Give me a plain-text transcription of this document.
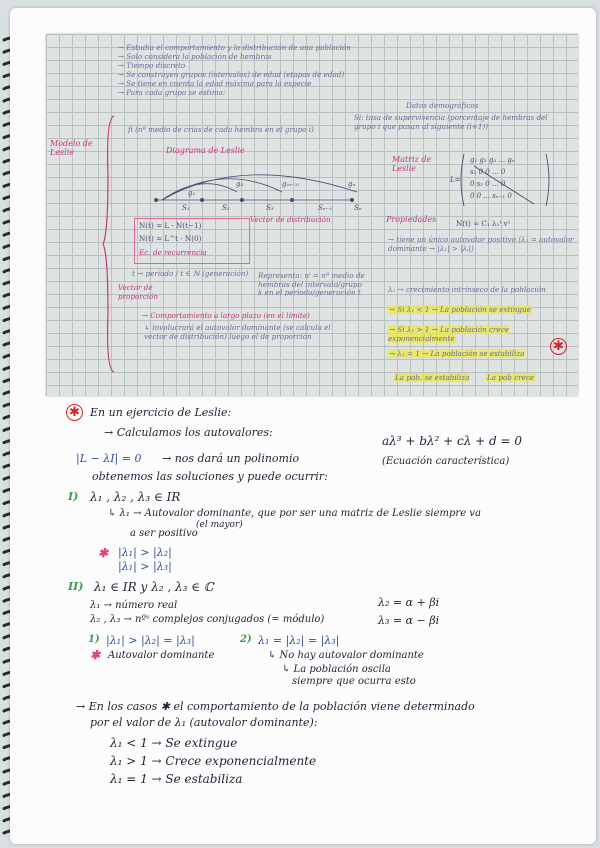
→ Estudia el comportamiento y la distribución de una población
→ Solo considera la población de hembras
→ Tiempo discreto
→ Se construyen grupos (intervalos) de edad (etapas de edad)
→ Se tiene en cuenta la edad máxima para la especie
→ Para cada grupo se estima:
Modelo de Leslie
Datos demográficos
fi (nº medio de crías de cada hembra en el grupo i)
Si: tasa de supervivencia (porcentaje de hembras del grupo i que pasan al siguiente (i+1))
Diagrama de Leslie
Matriz de Leslie
g₁
g₃	g₍ₙ₋₁₎	gₙ
S₁	S₂	S₃	Sₙ₋₁	Sₙ
L=
g₁ g₂ g₃ ... gₙ
s₁ 0 0 ... 0
0 s₂ 0 ... 0
0 0 ... sₙ₋₁ 0
N(t) = L · N(t−1)
N(t) = L^t · N(0)
Ec. de recurrencia
Vector de distribución
t → período / t ∈ ℕ (generación)
Vector de proporción
Representa: nⁱ = nº medio de hembras del intervalo/grupo k en el período/generación t
→ Comportamiento a largo plazo (en el límite)
↳ involucrará el autovalor dominante (se calcula el vector de distribución) luego el de proporción
Propiedades	N(t) ≃ C₁ λ₁ᵗ v¹
→ tiene un único autovalor positivo (λ₁ = autovalor dominante → |λ₁| > |λᵢ|)
λ₁ → crecimiento intrínseco de la población
→ Si λ₁ < 1 → La población se extingue
→ Si λ₁ > 1 → La población crece exponencialmente
→ λ₁ = 1 → La población se estabiliza
La pob. se estabiliza La pob crece
✱
✱ En un ejercicio de Leslie:
→ Calculamos los autovalores:
|L − λI| = 0 → nos dará un polinomio
aλ³ + bλ² + cλ + d = 0
(Ecuación característica)
obtenemos las soluciones y puede ocurrir:
I) λ₁ , λ₂ , λ₃ ∈ IR
↳ λ₁ → Autovalor dominante, que por ser una matriz de Leslie siempre va
(el mayor)
a ser positivo
✱ |λ₁| > |λ₂|
|λ₁| > |λ₃|
II) λ₁ ∈ IR y λ₂ , λ₃ ∈ ℂ
λ₁ → número real
λ₂ , λ₃ → nºˢ complejos conjugados (= módulo)
λ₂ = α + βi
λ₃ = α − βi
1) |λ₁| > |λ₂| = |λ₃|
✱ Autovalor dominante
2) λ₁ = |λ₂| = |λ₃|
↳ No hay autovalor dominante
↳ La población oscila
siempre que ocurra esto
→ En los casos ✱ el comportamiento de la población viene determinado
por el valor de λ₁ (autovalor dominante):
λ₁ < 1 → Se extingue
λ₁ > 1 → Crece exponencialmente
λ₁ = 1 → Se estabiliza
